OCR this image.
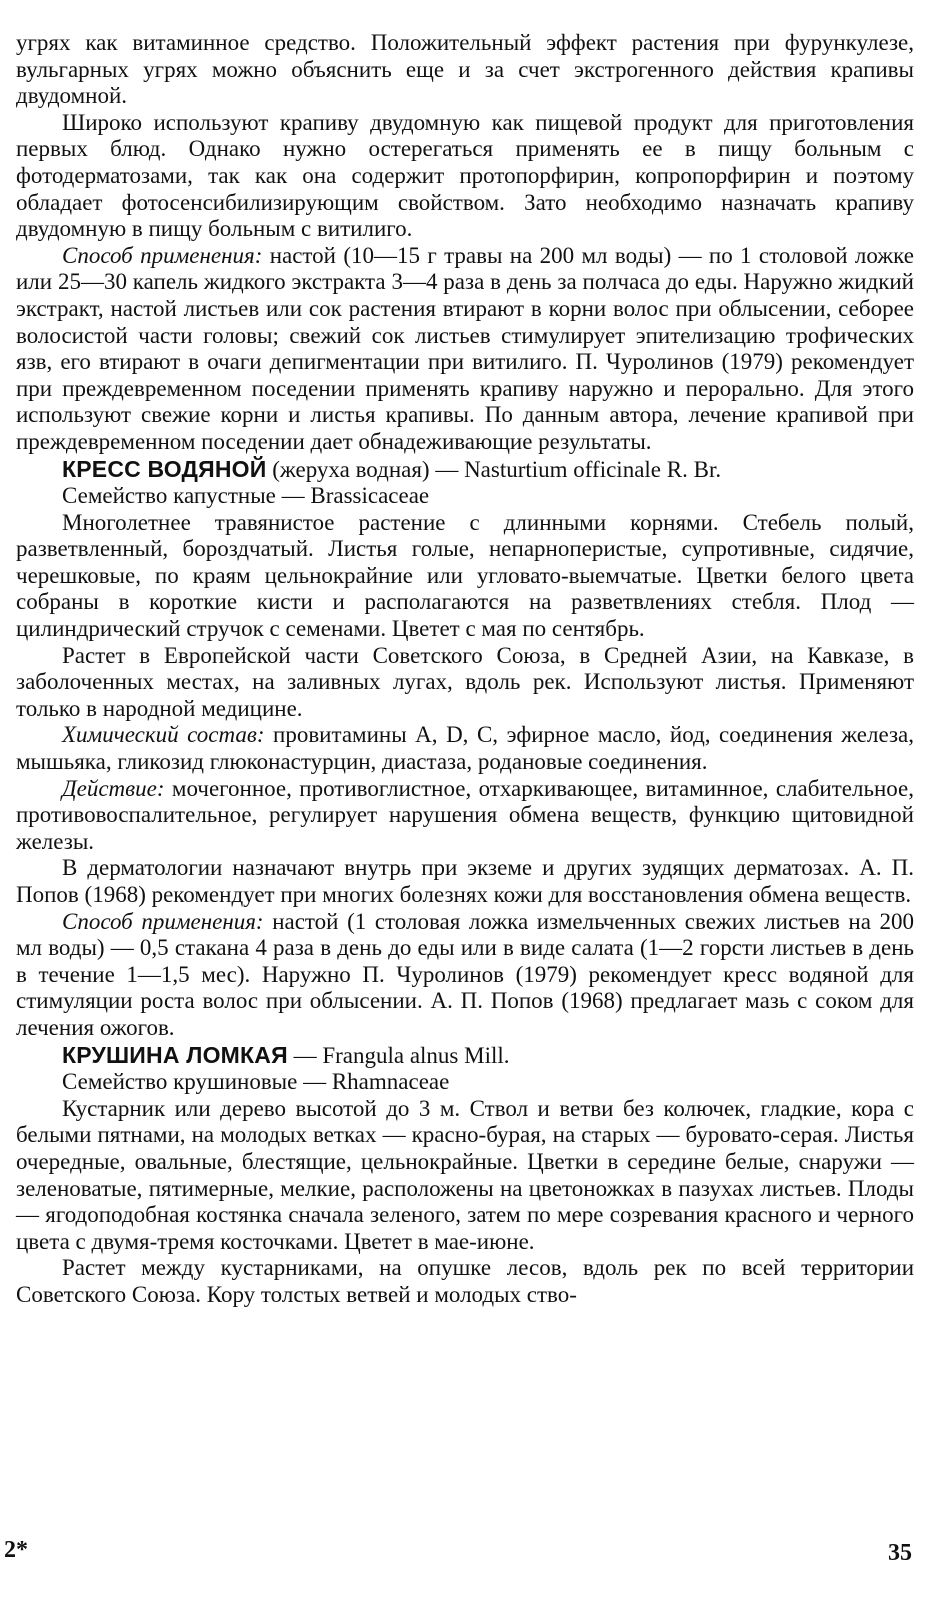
угрях как витаминное средство. Положительный эффект растения при фурункулезе, вульгарных угрях можно объяснить еще и за счет экстрогенного действия крапивы двудомной.

Широко используют крапиву двудомную как пищевой продукт для приготовления первых блюд. Однако нужно остерегаться применять ее в пищу больным с фотодерматозами, так как она содержит протопорфирин, копропорфирин и поэтому обладает фотосенсибилизирующим свойством. Зато необходимо назначать крапиву двудомную в пищу больным с витилиго.

Способ применения: настой (10—15 г травы на 200 мл воды) — по 1 столовой ложке или 25—30 капель жидкого экстракта 3—4 раза в день за полчаса до еды. Наружно жидкий экстракт, настой листьев или сок растения втирают в корни волос при облысении, себорее волосистой части головы; свежий сок листьев стимулирует эпителизацию трофических язв, его втирают в очаги депигментации при витилиго. П. Чуролинов (1979) рекомендует при преждевременном поседении применять крапиву наружно и перорально. Для этого используют свежие корни и листья крапивы. По данным автора, лечение крапивой при преждевременном поседении дает обнадеживающие результаты.

КРЕСС ВОДЯНОЙ (жеруха водная) — Nasturtium officinale R. Br.

Семейство капустные — Brassicaceae

Многолетнее травянистое растение с длинными корнями. Стебель полый, разветвленный, бороздчатый. Листья голые, непарноперистые, супротивные, сидячие, черешковые, по краям цельнокрайние или угловато-выемчатые. Цветки белого цвета собраны в короткие кисти и располагаются на разветвлениях стебля. Плод — цилиндрический стручок с семенами. Цветет с мая по сентябрь.

Растет в Европейской части Советского Союза, в Средней Азии, на Кавказе, в заболоченных местах, на заливных лугах, вдоль рек. Используют листья. Применяют только в народной медицине.

Химический состав: провитамины А, D, С, эфирное масло, йод, соединения железа, мышьяка, гликозид глюконастурцин, диастаза, родановые соединения.

Действие: мочегонное, противоглистное, отхаркивающее, витаминное, слабительное, противовоспалительное, регулирует нарушения обмена веществ, функцию щитовидной железы.

В дерматологии назначают внутрь при экземе и других зудящих дерматозах. А. П. Попов (1968) рекомендует при многих болезнях кожи для восстановления обмена веществ.

Способ применения: настой (1 столовая ложка измельченных свежих листьев на 200 мл воды) — 0,5 стакана 4 раза в день до еды или в виде салата (1—2 горсти листьев в день в течение 1—1,5 мес). Наружно П. Чуролинов (1979) рекомендует кресс водяной для стимуляции роста волос при облысении. А. П. Попов (1968) предлагает мазь с соком для лечения ожогов.

КРУШИНА ЛОМКАЯ — Frangula alnus Mill.

Семейство крушиновые — Rhamnaceae

Кустарник или дерево высотой до 3 м. Ствол и ветви без колючек, гладкие, кора с белыми пятнами, на молодых ветках — красно-бурая, на старых — буровато-серая. Листья очередные, овальные, блестящие, цельнокрайные. Цветки в середине белые, снаружи — зеленоватые, пятимерные, мелкие, расположены на цветоножках в пазухах листьев. Плоды — ягодоподобная костянка сначала зеленого, затем по мере созревания красного и черного цвета с двумя-тремя косточками. Цветет в мае-июне.

Растет между кустарниками, на опушке лесов, вдоль рек по всей территории Советского Союза. Кору толстых ветвей и молодых ство-

2*	35
